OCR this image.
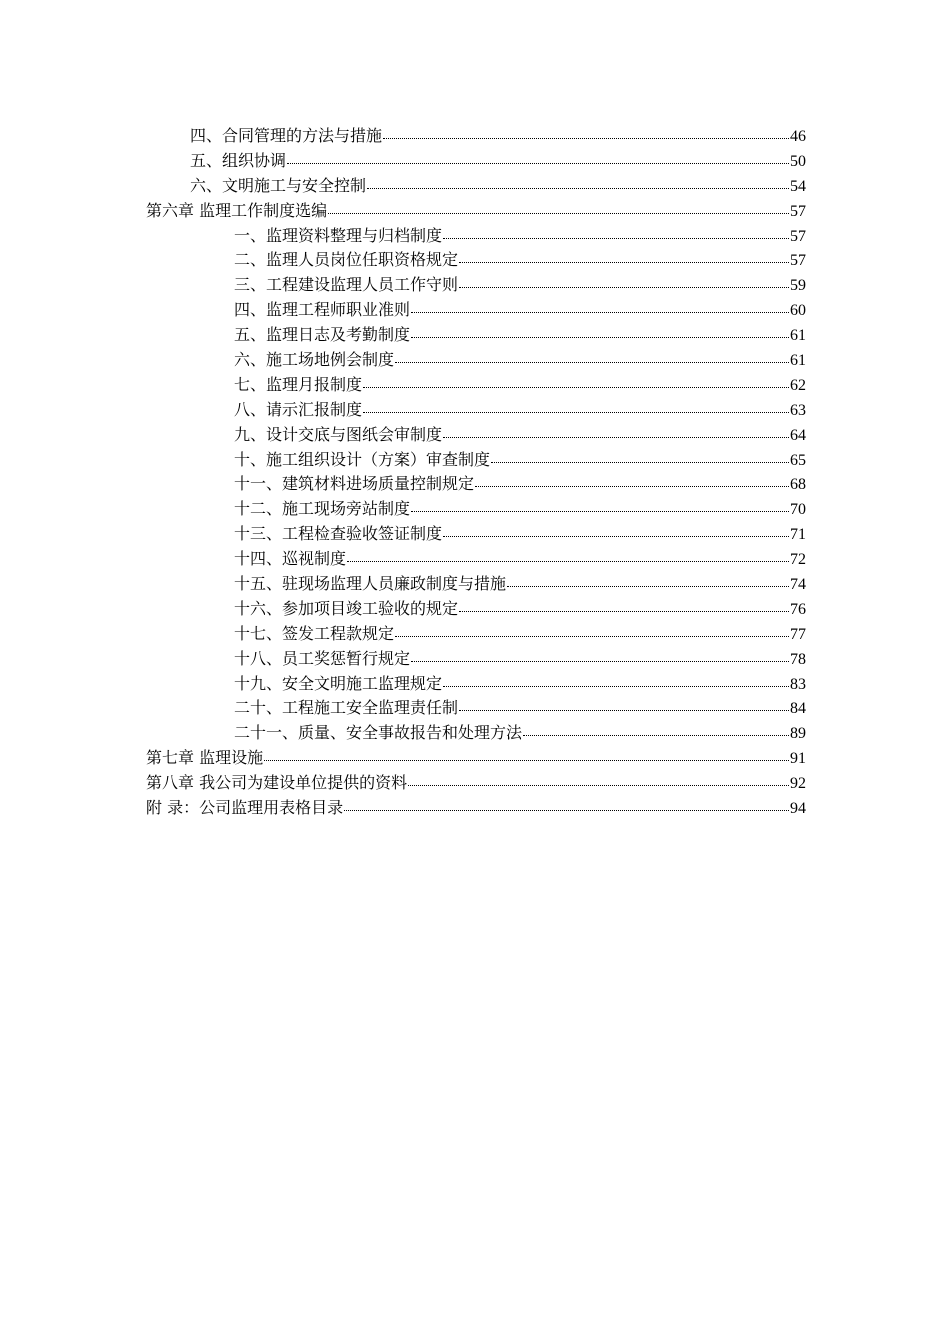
四、合同管理的方法与措施	46
五、组织协调	50
六、文明施工与安全控制	54
第六章 监理工作制度选编	57
一、监理资料整理与归档制度	57
二、监理人员岗位任职资格规定	57
三、工程建设监理人员工作守则	59
四、监理工程师职业准则	60
五、监理日志及考勤制度	61
六、施工场地例会制度	61
七、监理月报制度	62
八、请示汇报制度	63
九、设计交底与图纸会审制度	64
十、施工组织设计（方案）审查制度	65
十一、建筑材料进场质量控制规定	68
十二、施工现场旁站制度	70
十三、工程检查验收签证制度	71
十四、巡视制度	72
十五、驻现场监理人员廉政制度与措施	74
十六、参加项目竣工验收的规定	76
十七、签发工程款规定	77
十八、员工奖惩暂行规定	78
十九、安全文明施工监理规定	83
二十、工程施工安全监理责任制	84
二十一、质量、安全事故报告和处理方法	89
第七章 监理设施	91
第八章 我公司为建设单位提供的资料	92
附 录：公司监理用表格目录	94
